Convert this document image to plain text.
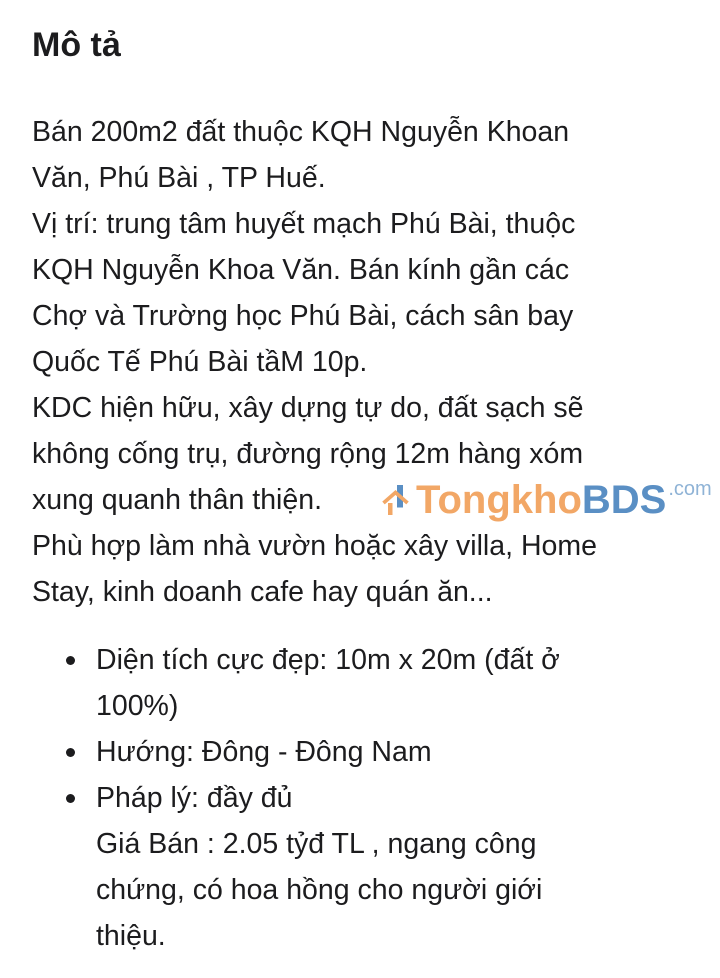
Mô tả
Bán 200m2 đất thuộc KQH Nguyễn Khoan
Văn, Phú Bài , TP Huế.
Vị trí: trung tâm huyết mạch Phú Bài, thuộc
KQH Nguyễn Khoa Văn. Bán kính gần các
Chợ và Trường học Phú Bài, cách sân bay
Quốc Tế Phú Bài tầM 10p.
KDC hiện hữu, xây dựng tự do, đất sạch sẽ
không cống trụ, đường rộng 12m hàng xóm
xung quanh thân thiện.
Phù hợp làm nhà vườn hoặc xây villa, Home
Stay, kinh doanh cafe hay quán ăn...
Diện tích cực đẹp: 10m x 20m (đất ở
100%)
Hướng: Đông - Đông Nam
Pháp lý: đầy đủ
Giá Bán : 2.05 tỷđ TL , ngang công
chứng, có hoa hồng cho người giới
thiệu.
Tong kho BDS .com
